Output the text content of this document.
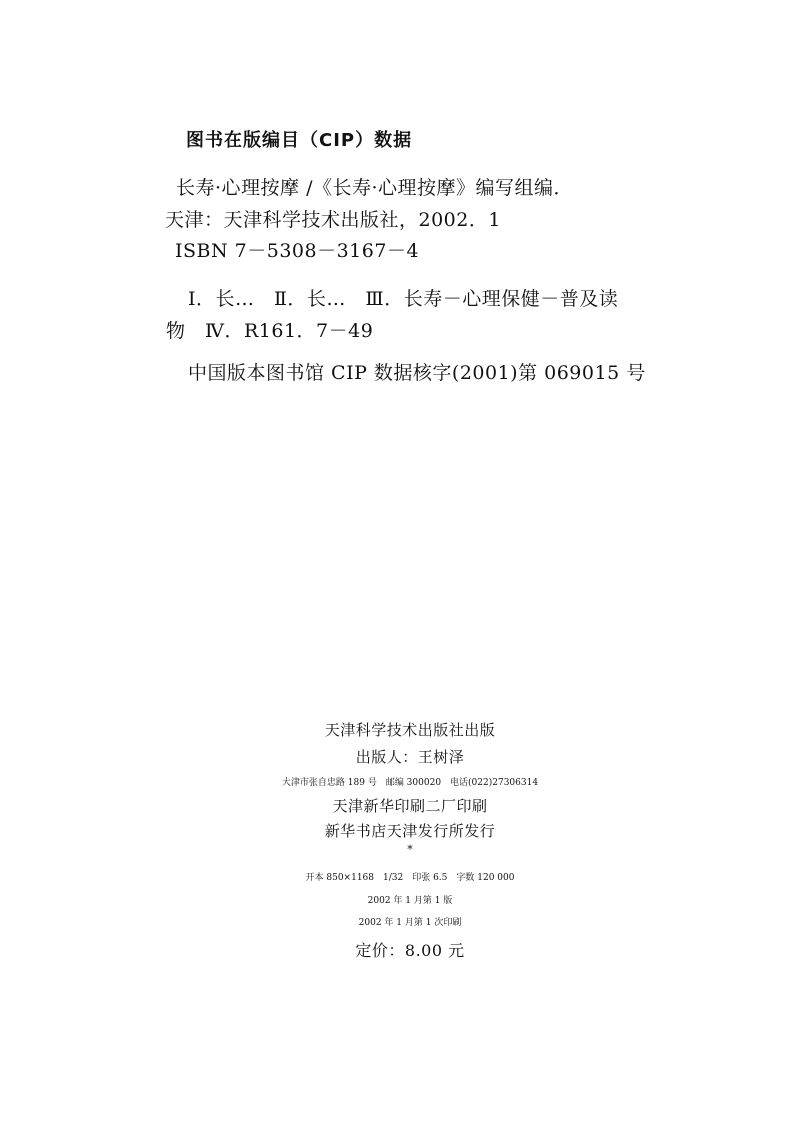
图书在版编目（CIP）数据
长寿·心理按摩 /《长寿·心理按摩》编写组编．
天津：天津科学技术出版社，2002．1
ISBN 7－5308－3167－4
Ⅰ．长…　Ⅱ．长…　Ⅲ．长寿－心理保健－普及读
物　Ⅳ．R161．7－49
中国版本图书馆 CIP 数据核字(2001)第 069015 号
天津科学技术出版社出版
出版人：王树泽
大津市张自忠路 189 号　邮编 300020　电话(022)27306314
天津新华印刷二厂印刷
新华书店天津发行所发行
*
开本 850×1168　1/32　印张 6.5　字数 120 000
2002 年 1 月第 1 版
2002 年 1 月第 1 次印刷
定价：8.00 元
